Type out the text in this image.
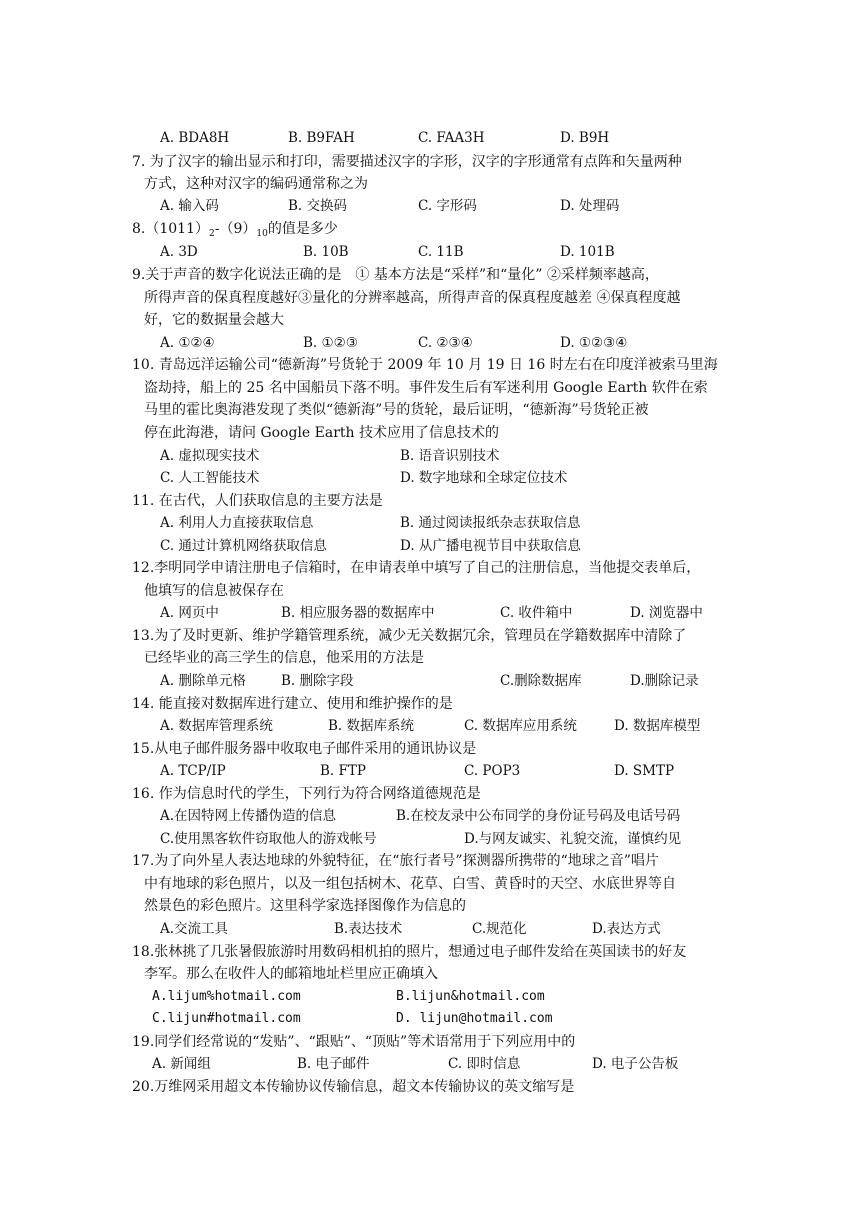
A. BDA8H	B. B9FAH	C. FAA3H	D. B9H
7. 为了汉字的输出显示和打印，需要描述汉字的字形，汉字的字形通常有点阵和矢量两种
方式，这种对汉字的编码通常称之为
A. 输入码	B. 交换码	C. 字形码	D. 处理码
$8.(1011)_2-(9)_{10}$的值是多少
A. 3D	B. 10B	C. 11B	D. 101B
9.关于声音的数字化说法正确的是　① 基本方法是“采样”和“量化” ②采样频率越高，
所得声音的保真程度越好③量化的分辨率越高，所得声音的保真程度越差 ④保真程度越
好，它的数据量会越大
A. ①②④	B. ①②③	C. ②③④	D. ①②③④
10. 青岛远洋运输公司“德新海”号货轮于 2009 年 10 月 19 日 16 时左右在印度洋被索马里海
盗劫持，船上的 25 名中国船员下落不明。事件发生后有军迷利用 Google Earth 软件在索
马里的霍比奥海港发现了类似“德新海”号的货轮，最后证明，“德新海”号货轮正被
停在此海港，请问 Google Earth 技术应用了信息技术的
A. 虚拟现实技术	B. 语音识别技术
C. 人工智能技术	D. 数字地球和全球定位技术
11. 在古代，人们获取信息的主要方法是
A. 利用人力直接获取信息	B. 通过阅读报纸杂志获取信息
C. 通过计算机网络获取信息	D. 从广播电视节目中获取信息
12.李明同学申请注册电子信箱时，在申请表单中填写了自己的注册信息，当他提交表单后，
他填写的信息被保存在
A. 网页中	B. 相应服务器的数据库中	C. 收件箱中	D. 浏览器中
13.为了及时更新、维护学籍管理系统，减少无关数据冗余，管理员在学籍数据库中清除了
已经毕业的高三学生的信息，他采用的方法是
A. 删除单元格	B. 删除字段	C.删除数据库	D.删除记录
14. 能直接对数据库进行建立、使用和维护操作的是
A. 数据库管理系统	B. 数据库系统	C. 数据库应用系统	D. 数据库模型
15.从电子邮件服务器中收取电子邮件采用的通讯协议是
A. TCP/IP	B. FTP	C. POP3	D. SMTP
16. 作为信息时代的学生，下列行为符合网络道德规范是
A.在因特网上传播伪造的信息	B.在校友录中公布同学的身份证号码及电话号码
C.使用黑客软件窃取他人的游戏帐号	D.与网友诚实、礼貌交流，谨慎约见
17.为了向外星人表达地球的外貌特征，在“旅行者号”探测器所携带的“地球之音”唱片
中有地球的彩色照片，以及一组包括树木、花草、白雪、黄昏时的天空、水底世界等自
然景色的彩色照片。这里科学家选择图像作为信息的
A.交流工具	B.表达技术	C.规范化	D.表达方式
18.张林挑了几张暑假旅游时用数码相机拍的照片，想通过电子邮件发给在英国读书的好友
李军。那么在收件人的邮箱地址栏里应正确填入
A.lijum%hotmail.com	B.lijun&hotmail.com
C.lijun#hotmail.com	D. lijun@hotmail.com
19.同学们经常说的“发贴”、“跟贴”、“顶贴”等术语常用于下列应用中的
A. 新闻组	B. 电子邮件	C. 即时信息	D. 电子公告板
20.万维网采用超文本传输协议传输信息，超文本传输协议的英文缩写是
